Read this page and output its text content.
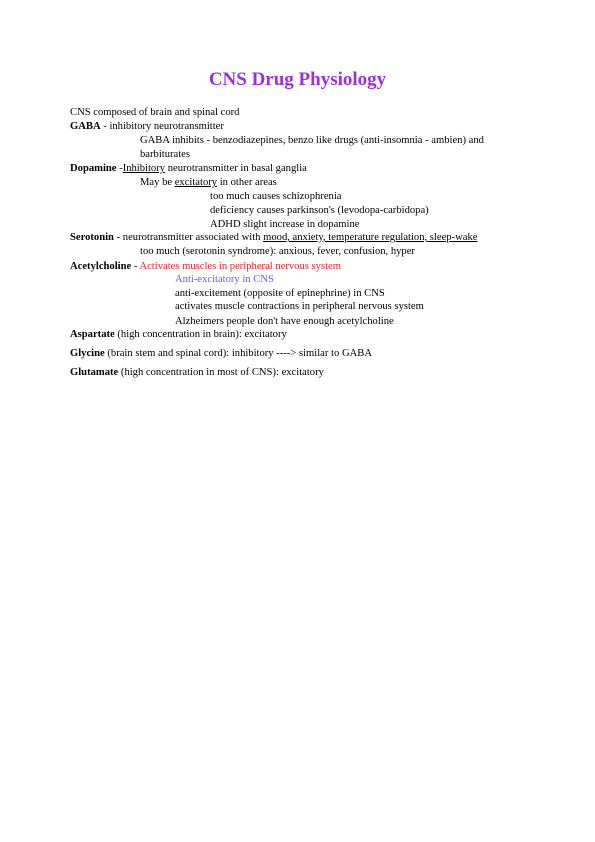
CNS Drug Physiology
CNS composed of brain and spinal cord
GABA - inhibitory neurotransmitter
GABA inhibits - benzodiazepines, benzo like drugs (anti-insomnia - ambien) and
barbiturates
Dopamine -Inhibitory neurotransmitter in basal ganglia
May be excitatory in other areas
too much causes schizophrenia
deficiency causes parkinson's (levodopa-carbidopa)
ADHD slight increase in dopamine
Serotonin - neurotransmitter associated with mood, anxiety, temperature regulation, sleep-wake
too much (serotonin syndrome): anxious, fever, confusion, hyper
Acetylcholine - Activates muscles in peripheral nervous system
Anti-excitatory in CNS
anti-excitement (opposite of epinephrine) in CNS
activates muscle contractions in peripheral nervous system
Alzheimers people don't have enough acetylcholine
Aspartate (high concentration in brain): excitatory
Glycine (brain stem and spinal cord): inhibitory ----> similar to GABA
Glutamate (high concentration in most of CNS): excitatory
